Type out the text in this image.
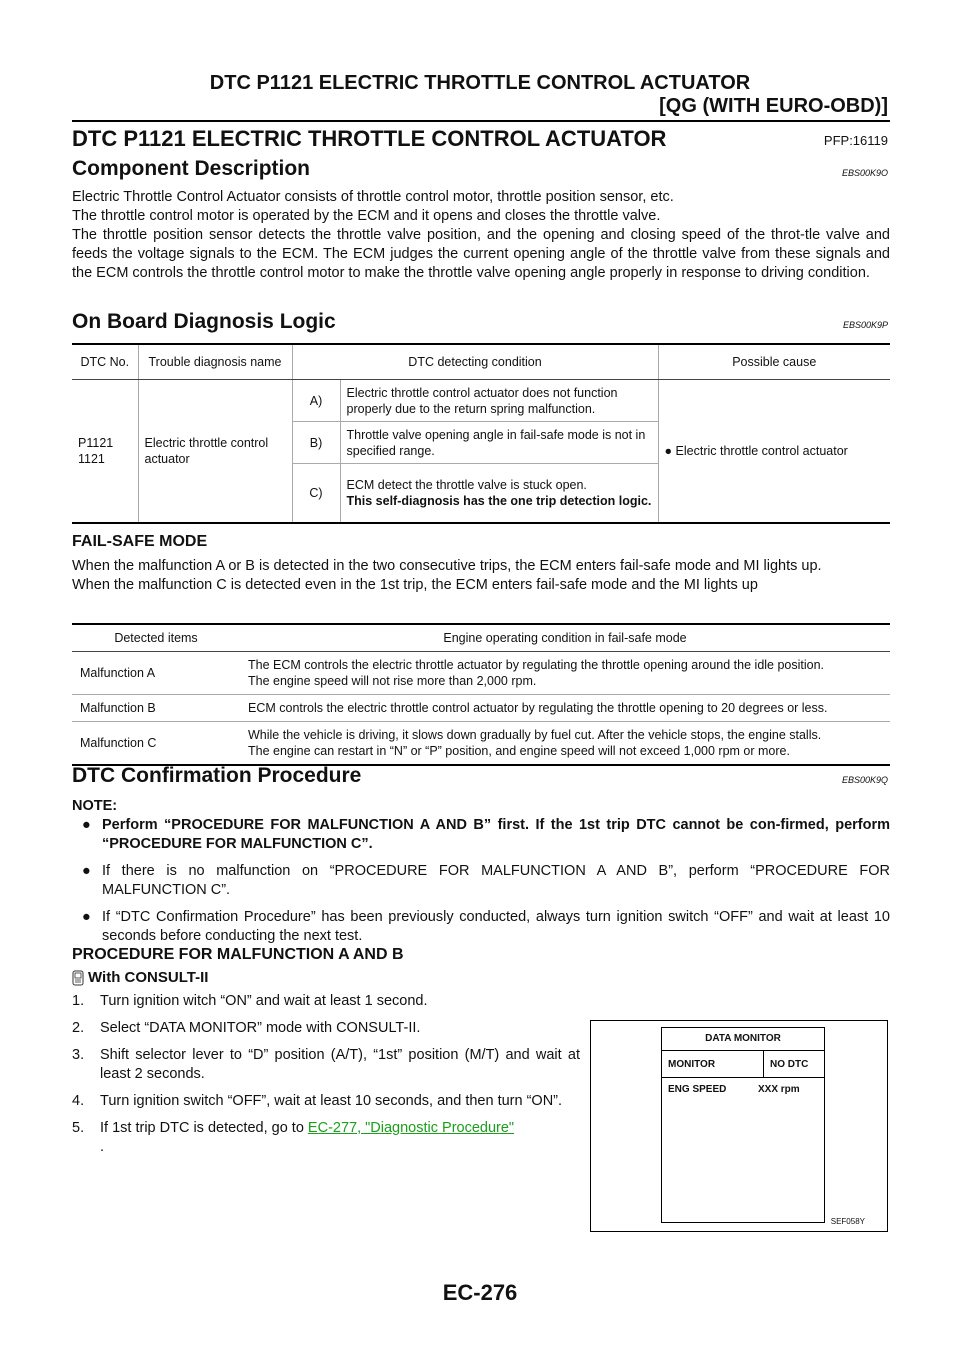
DTC P1121 ELECTRIC THROTTLE CONTROL ACTUATOR
[QG (WITH EURO-OBD)]
DTC P1121 ELECTRIC THROTTLE CONTROL ACTUATOR	PFP:16119
Component Description	EBS00K9O

Electric Throttle Control Actuator consists of throttle control motor, throttle position sensor, etc.

The throttle control motor is operated by the ECM and it opens and closes the throttle valve.

The throttle position sensor detects the throttle valve position, and the opening and closing speed of the throt-tle valve and feeds the voltage signals to the ECM. The ECM judges the current opening angle of the throttle valve from these signals and the ECM controls the throttle control motor to make the throttle valve opening angle properly in response to driving condition.

On Board Diagnosis Logic	EBS00K9P
DTC No.	Trouble diagnosis name	DTC detecting condition		Possible cause

P1121
1121	Electric throttle control actuator	A)	Electric throttle control actuator does not function properly due to the return spring malfunction.	● Electric throttle control actuator
		B)	Throttle valve opening angle in fail-safe mode is not in specified range.	
		C)	ECM detect the throttle valve is stuck open.
This self-diagnosis has the one trip detection logic.	
FAIL-SAFE MODE

When the malfunction A or B is detected in the two consecutive trips, the ECM enters fail-safe mode and MI lights up.

When the malfunction C is detected even in the 1st trip, the ECM enters fail-safe mode and the MI lights up

Detected items	Engine operating condition in fail-safe mode
Malfunction A	The ECM controls the electric throttle actuator by regulating the throttle opening around the idle position.
The engine speed will not rise more than 2,000 rpm.

Malfunction B	ECM controls the electric throttle control actuator by regulating the throttle opening to 20 degrees or less.
Malfunction C	While the vehicle is driving, it slows down gradually by fuel cut. After the vehicle stops, the engine stalls.
The engine can restart in “N” or “P” position, and engine speed will not exceed 1,000 rpm or more.
DTC Confirmation Procedure	EBS00K9Q
NOTE:
● Perform “PROCEDURE FOR MALFUNCTION A AND B” first. If the 1st trip DTC cannot be con-firmed, perform “PROCEDURE FOR MALFUNCTION C”.
● If there is no malfunction on “PROCEDURE FOR MALFUNCTION A AND B”, perform “PROCEDURE FOR MALFUNCTION C”.
● If “DTC Confirmation Procedure” has been previously conducted, always turn ignition switch “OFF” and wait at least 10 seconds before conducting the next test.
PROCEDURE FOR MALFUNCTION A AND B
With CONSULT-II
1. Turn ignition witch “ON” and wait at least 1 second.
2. Select “DATA MONITOR” mode with CONSULT-II.
3. Shift selector lever to “D” position (A/T), “1st” position (M/T) and wait at least 2 seconds.
4. Turn ignition switch “OFF”, wait at least 10 seconds, and then turn “ON”.
5. If 1st trip DTC is detected, go to EC-277, "Diagnostic Procedure"
.
DATA MONITOR
MONITOR	NO DTC
ENG SPEED	XXX rpm
SEF058Y
EC-276
